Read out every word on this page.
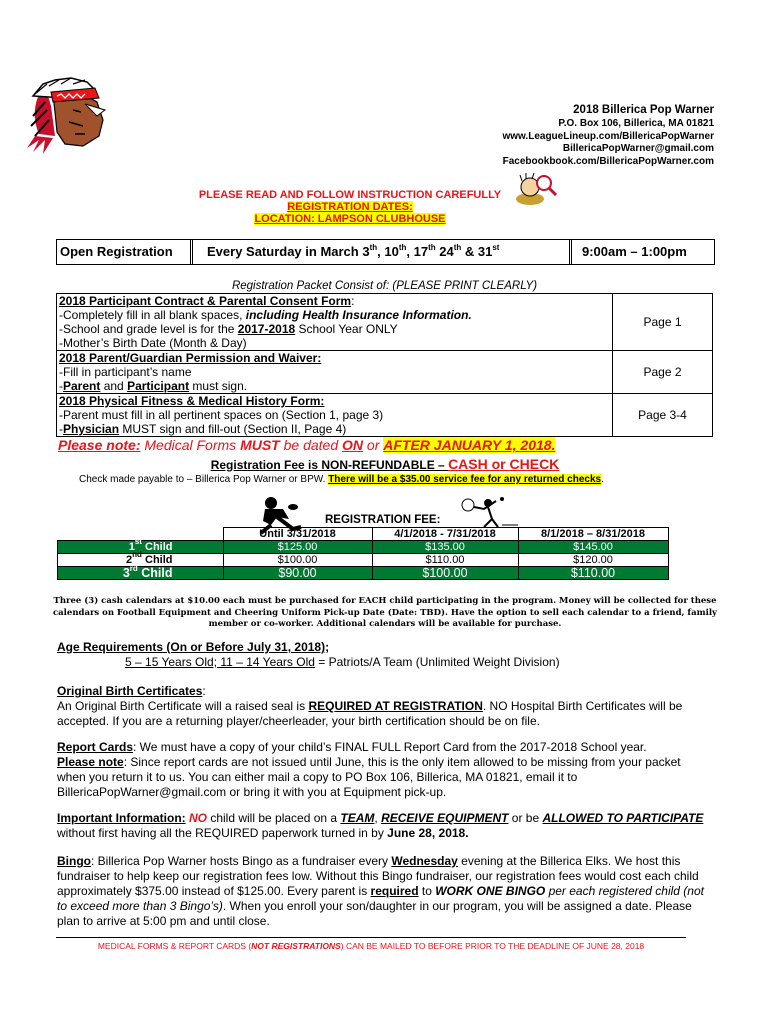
2018 Billerica Pop Warner
P.O. Box 106, Billerica, MA 01821
www.LeagueLineup.com/BillericaPopWarner
BillericaPopWarner@gmail.com
Facebookbook.com/BillericaPopWarner.com
PLEASE READ AND FOLLOW INSTRUCTION CAREFULLY
REGISTRATION DATES:
LOCATION: LAMPSON CLUBHOUSE
Open Registration	Every Saturday in March 3th, 10th, 17th 24th & 31st	9:00am – 1:00pm
Registration Packet Consist of: (PLEASE PRINT CLEARLY)
2018 Participant Contract & Parental Consent Form:
-Completely fill in all blank spaces, including Health Insurance Information.
-School and grade level is for the 2017-2018 School Year ONLY
-Mother’s Birth Date (Month & Day)	Page 1

2018 Parent/Guardian Permission and Waiver:
-Fill in participant’s name
-Parent and Participant must sign.	Page 2

2018 Physical Fitness & Medical History Form:
-Parent must fill in all pertinent spaces on (Section 1, page 3)
-Physician MUST sign and fill-out (Section II, Page 4)	Page 3-4
Please note: Medical Forms MUST be dated ON or AFTER JANUARY 1, 2018.
Registration Fee is NON-REFUNDABLE – CASH or CHECK
Check made payable to – Billerica Pop Warner or BPW. There will be a $35.00 service fee for any returned checks.
REGISTRATION FEE:
	Until 3/31/2018	4/1/2018 - 7/31/2018	8/1/2018 – 8/31/2018
1st Child	$125.00	$135.00	$145.00
2nd Child	$100.00	$110.00	$120.00
3rd Child	$90.00	$100.00	$110.00
Three (3) cash calendars at $10.00 each must be purchased for EACH child participating in the program. Money will be collected for these calendars on Football Equipment and Cheering Uniform Pick-up Date (Date: TBD). Have the option to sell each calendar to a friend, family member or co-worker. Additional calendars will be available for purchase.
Age Requirements (On or Before July 31, 2018);
5 – 15 Years Old; 11 – 14 Years Old = Patriots/A Team (Unlimited Weight Division)
Original Birth Certificates:
An Original Birth Certificate will a raised seal is REQUIRED AT REGISTRATION. NO Hospital Birth Certificates will be accepted. If you are a returning player/cheerleader, your birth certification should be on file.
Report Cards: We must have a copy of your child’s FINAL FULL Report Card from the 2017-2018 School year.
Please note: Since report cards are not issued until June, this is the only item allowed to be missing from your packet when you return it to us. You can either mail a copy to PO Box 106, Billerica, MA 01821, email it to BillericaPopWarner@gmail.com or bring it with you at Equipment pick-up.
Important Information: NO child will be placed on a TEAM, RECEIVE EQUIPMENT or be ALLOWED TO PARTICIPATE without first having all the REQUIRED paperwork turned in by June 28, 2018.
Bingo: Billerica Pop Warner hosts Bingo as a fundraiser every Wednesday evening at the Billerica Elks. We host this fundraiser to help keep our registration fees low. Without this Bingo fundraiser, our registration fees would cost each child approximately $375.00 instead of $125.00. Every parent is required to WORK ONE BINGO per each registered child (not to exceed more than 3 Bingo’s). When you enroll your son/daughter in our program, you will be assigned a date. Please plan to arrive at 5:00 pm and until close.
MEDICAL FORMS & REPORT CARDS (NOT REGISTRATIONS) CAN BE MAILED TO BEFORE PRIOR TO THE DEADLINE OF JUNE 28, 2018
